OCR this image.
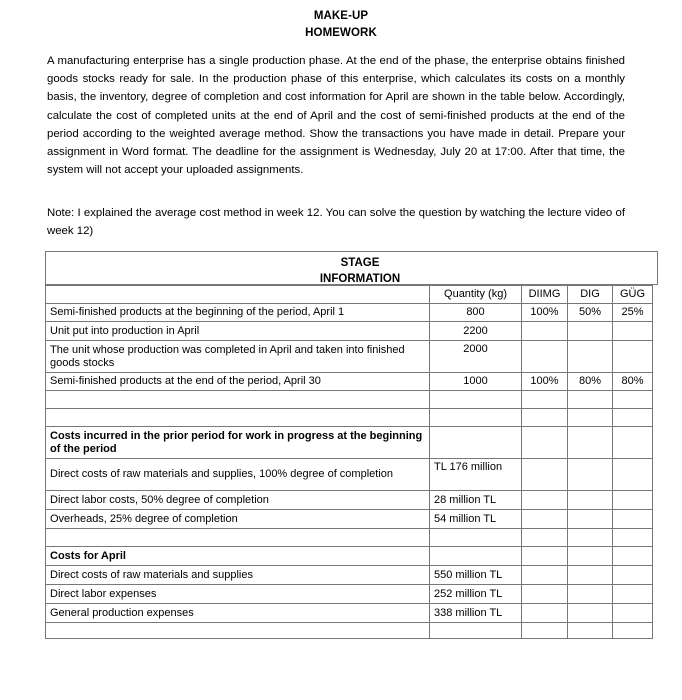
MAKE-UP
HOMEWORK
A manufacturing enterprise has a single production phase. At the end of the phase, the enterprise obtains finished goods stocks ready for sale. In the production phase of this enterprise, which calculates its costs on a monthly basis, the inventory, degree of completion and cost information for April are shown in the table below. Accordingly, calculate the cost of completed units at the end of April and the cost of semi-finished products at the end of the period according to the weighted average method. Show the transactions you have made in detail. Prepare your assignment in Word format. The deadline for the assignment is Wednesday, July 20 at 17:00. After that time, the system will not accept your uploaded assignments.
Note: I explained the average cost method in week 12. You can solve the question by watching the lecture video of week 12)
STAGE
INFORMATION
	Quantity (kg)	DIIMG	DIG	GÜG
Semi-finished products at the beginning of the period, April 1	800	100%	50%	25%
Unit put into production in April	2200			
The unit whose production was completed in April and taken into finished goods stocks	2000			
Semi-finished products at the end of the period, April 30	1000	100%	80%	80%

Costs incurred in the prior period for work in progress at the beginning of the period				
Direct costs of raw materials and supplies, 100% degree of completion	TL 176 million			
Direct labor costs, 50% degree of completion	28 million TL			
Overheads, 25% degree of completion	54 million TL			

Costs for April				
Direct costs of raw materials and supplies	550 million TL			
Direct labor expenses	252 million TL			
General production expenses	338 million TL			
